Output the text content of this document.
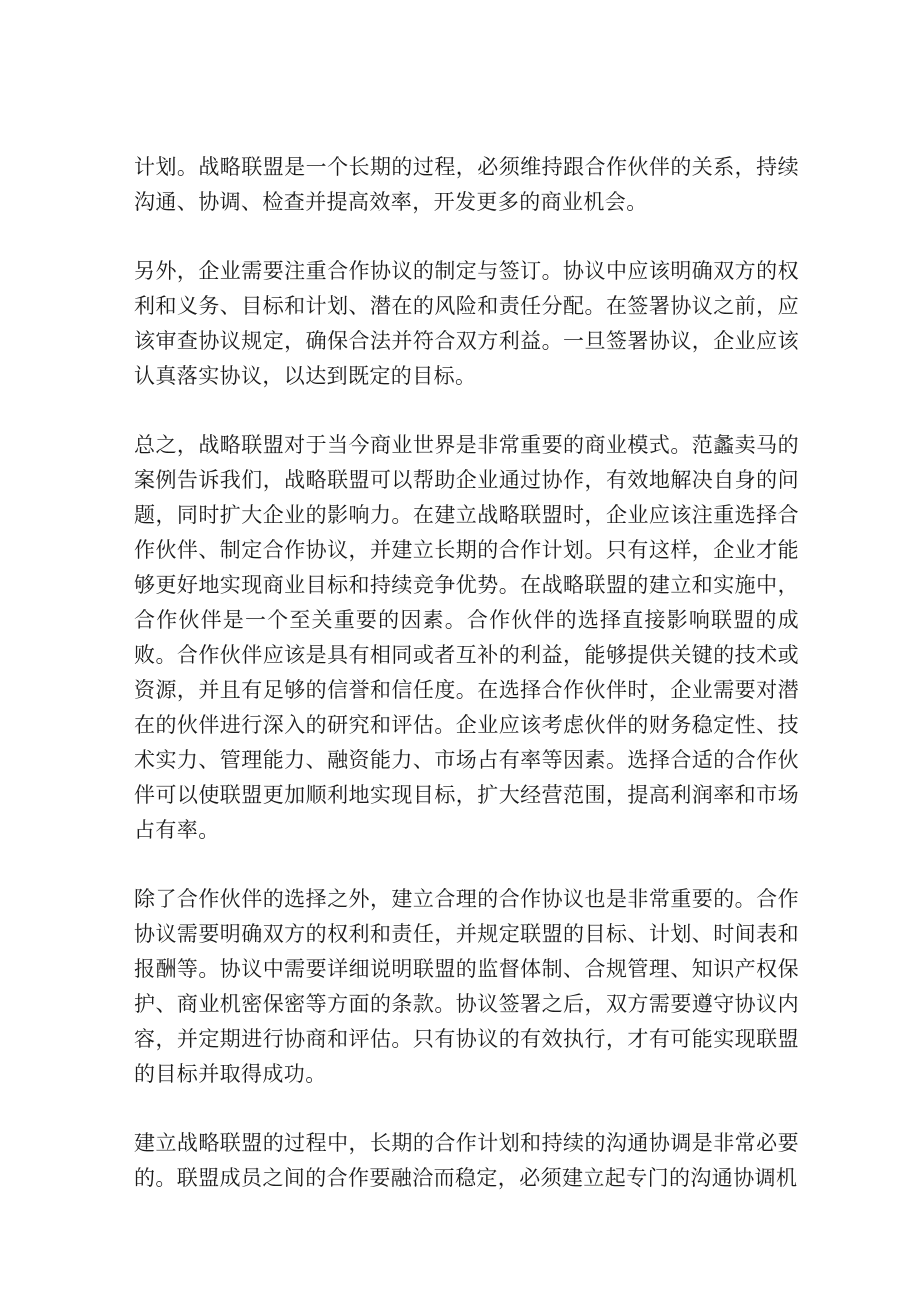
计划。战略联盟是一个长期的过程，必须维持跟合作伙伴的关系，持续沟通、协调、检查并提高效率，开发更多的商业机会。

另外，企业需要注重合作协议的制定与签订。协议中应该明确双方的权利和义务、目标和计划、潜在的风险和责任分配。在签署协议之前，应该审查协议规定，确保合法并符合双方利益。一旦签署协议，企业应该认真落实协议，以达到既定的目标。

总之，战略联盟对于当今商业世界是非常重要的商业模式。范蠡卖马的案例告诉我们，战略联盟可以帮助企业通过协作，有效地解决自身的问题，同时扩大企业的影响力。在建立战略联盟时，企业应该注重选择合作伙伴、制定合作协议，并建立长期的合作计划。只有这样，企业才能够更好地实现商业目标和持续竞争优势。在战略联盟的建立和实施中，合作伙伴是一个至关重要的因素。合作伙伴的选择直接影响联盟的成败。合作伙伴应该是具有相同或者互补的利益，能够提供关键的技术或资源，并且有足够的信誉和信任度。在选择合作伙伴时，企业需要对潜在的伙伴进行深入的研究和评估。企业应该考虑伙伴的财务稳定性、技术实力、管理能力、融资能力、市场占有率等因素。选择合适的合作伙伴可以使联盟更加顺利地实现目标，扩大经营范围，提高利润率和市场占有率。

除了合作伙伴的选择之外，建立合理的合作协议也是非常重要的。合作协议需要明确双方的权利和责任，并规定联盟的目标、计划、时间表和报酬等。协议中需要详细说明联盟的监督体制、合规管理、知识产权保护、商业机密保密等方面的条款。协议签署之后，双方需要遵守协议内容，并定期进行协商和评估。只有协议的有效执行，才有可能实现联盟的目标并取得成功。

建立战略联盟的过程中，长期的合作计划和持续的沟通协调是非常必要的。联盟成员之间的合作要融洽而稳定，必须建立起专门的沟通协调机
